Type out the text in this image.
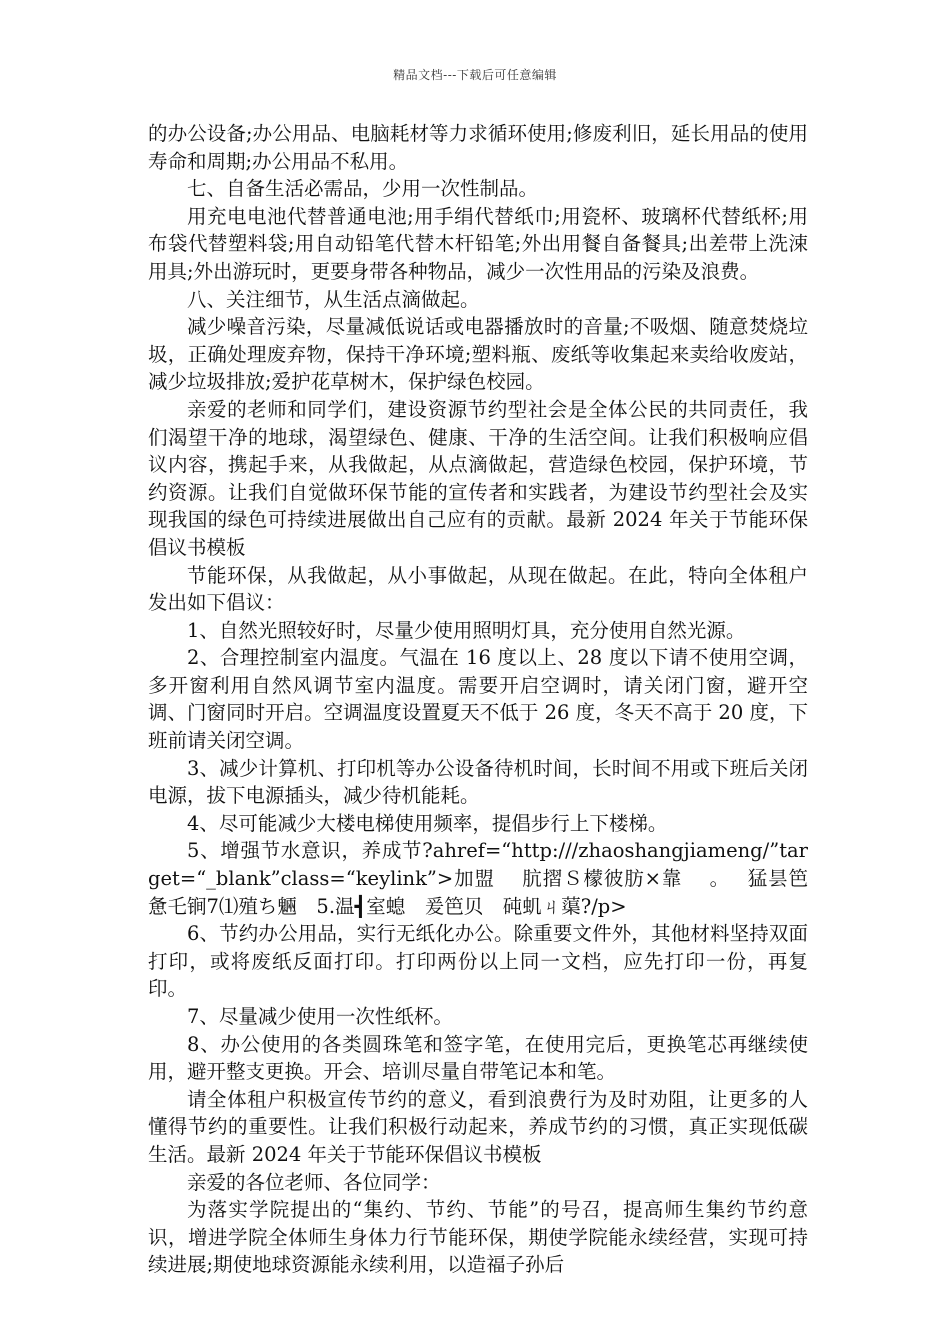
精品文档---下载后可任意编辑

的办公设备;办公用品、电脑耗材等力求循环使用;修废利旧，延长用品的使用寿命和周期;办公用品不私用。

七、自备生活必需品，少用一次性制品。

用充电电池代替普通电池;用手绢代替纸巾;用瓷杯、玻璃杯代替纸杯;用布袋代替塑料袋;用自动铅笔代替木杆铅笔;外出用餐自备餐具;出差带上洗涑用具;外出游玩时，更要身带各种物品，减少一次性用品的污染及浪费。

八、关注细节，从生活点滴做起。

减少噪音污染，尽量减低说话或电器播放时的音量;不吸烟、随意焚烧垃圾，正确处理废弃物，保持干净环境;塑料瓶、废纸等收集起来卖给收废站，减少垃圾排放;爱护花草树木，保护绿色校园。

亲爱的老师和同学们，建设资源节约型社会是全体公民的共同责任，我们渴望干净的地球，渴望绿色、健康、干净的生活空间。让我们积极响应倡议内容，携起手来，从我做起，从点滴做起，营造绿色校园，保护环境，节约资源。让我们自觉做环保节能的宣传者和实践者，为建设节约型社会及实现我国的绿色可持续进展做出自己应有的贡献。最新 2024 年关于节能环保倡议书模板

节能环保，从我做起，从小事做起，从现在做起。在此，特向全体租户发出如下倡议：

1、自然光照较好时，尽量少使用照明灯具，充分使用自然光源。

2、合理控制室内温度。气温在 16 度以上、28 度以下请不使用空调，多开窗利用自然风调节室内温度。需要开启空调时，请关闭门窗，避开空调、门窗同时开启。空调温度设置夏天不低于 26 度，冬天不高于 20 度，下班前请关闭空调。

3、减少计算机、打印机等办公设备待机时间，长时间不用或下班后关闭电源，拔下电源插头，减少待机能耗。

4、尽可能减少大楼电梯使用频率，提倡步行上下楼梯。

5、增强节水意识，养成节?ahref=“http:///zhaoshangjiameng/”target=“_blank”class=“keylink”>加盟　 肮摺Ｓ檬彼肪×靠　 。　 猛昙笆惫乇锏7⑴殖ち魎　5.温┫室螅　爰笆贝　砘虮ㄐ蕖?/p>

6、节约办公用品，实行无纸化办公。除重要文件外，其他材料坚持双面打印，或将废纸反面打印。打印两份以上同一文档，应先打印一份，再复印。

7、尽量减少使用一次性纸杯。

8、办公使用的各类圆珠笔和签字笔，在使用完后，更换笔芯再继续使用，避开整支更换。开会、培训尽量自带笔记本和笔。

请全体租户积极宣传节约的意义，看到浪费行为及时劝阻，让更多的人懂得节约的重要性。让我们积极行动起来，养成节约的习惯，真正实现低碳生活。最新 2024 年关于节能环保倡议书模板

亲爱的各位老师、各位同学：

为落实学院提出的“集约、节约、节能”的号召，提高师生集约节约意识，增进学院全体师生身体力行节能环保，期使学院能永续经营，实现可持续进展;期使地球资源能永续利用，以造福子孙后
